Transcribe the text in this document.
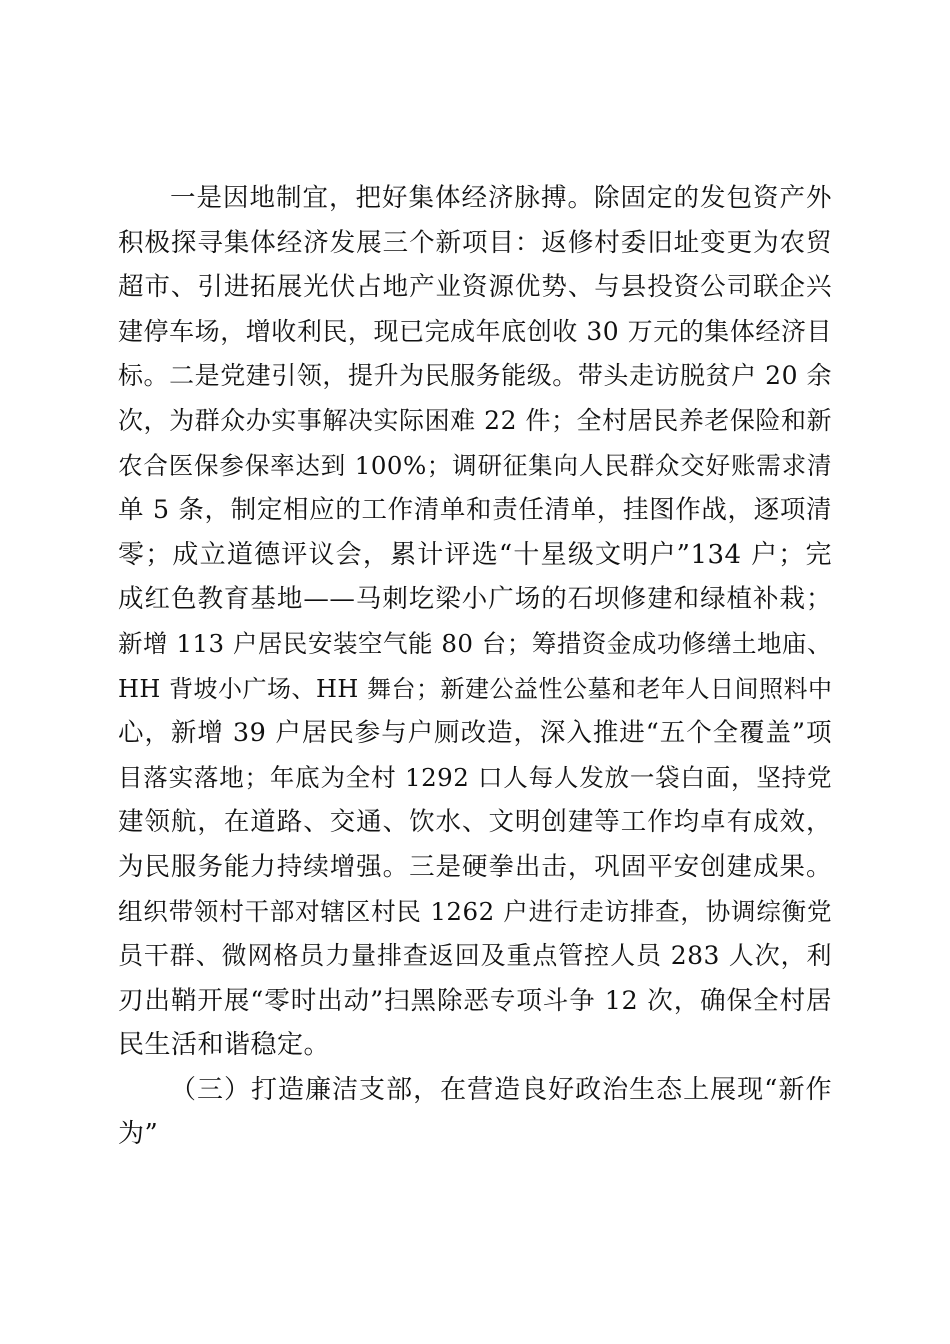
一是因地制宜，把好集体经济脉搏。除固定的发包资产外
积极探寻集体经济发展三个新项目：返修村委旧址变更为农贸
超市、引进拓展光伏占地产业资源优势、与县投资公司联企兴
建停车场，增收利民，现已完成年底创收 30 万元的集体经济目
标。二是党建引领，提升为民服务能级。带头走访脱贫户 20 余
次，为群众办实事解决实际困难 22 件；全村居民养老保险和新
农合医保参保率达到 100%；调研征集向人民群众交好账需求清
单 5 条，制定相应的工作清单和责任清单，挂图作战，逐项清
零；成立道德评议会，累计评选“十星级文明户”134 户；完
成红色教育基地——马刺圪梁小广场的石坝修建和绿植补栽；
新增 113 户居民安装空气能 80 台；筹措资金成功修缮土地庙、
HH 背坡小广场、HH 舞台；新建公益性公墓和老年人日间照料中
心，新增 39 户居民参与户厕改造，深入推进“五个全覆盖”项
目落实落地；年底为全村 1292 口人每人发放一袋白面，坚持党
建领航，在道路、交通、饮水、文明创建等工作均卓有成效，
为民服务能力持续增强。三是硬拳出击，巩固平安创建成果。
组织带领村干部对辖区村民 1262 户进行走访排查，协调综衡党
员干群、微网格员力量排查返回及重点管控人员 283 人次，利
刃出鞘开展“零时出动”扫黑除恶专项斗争 12 次，确保全村居
民生活和谐稳定。
（三）打造廉洁支部，在营造良好政治生态上展现“新作
为”
